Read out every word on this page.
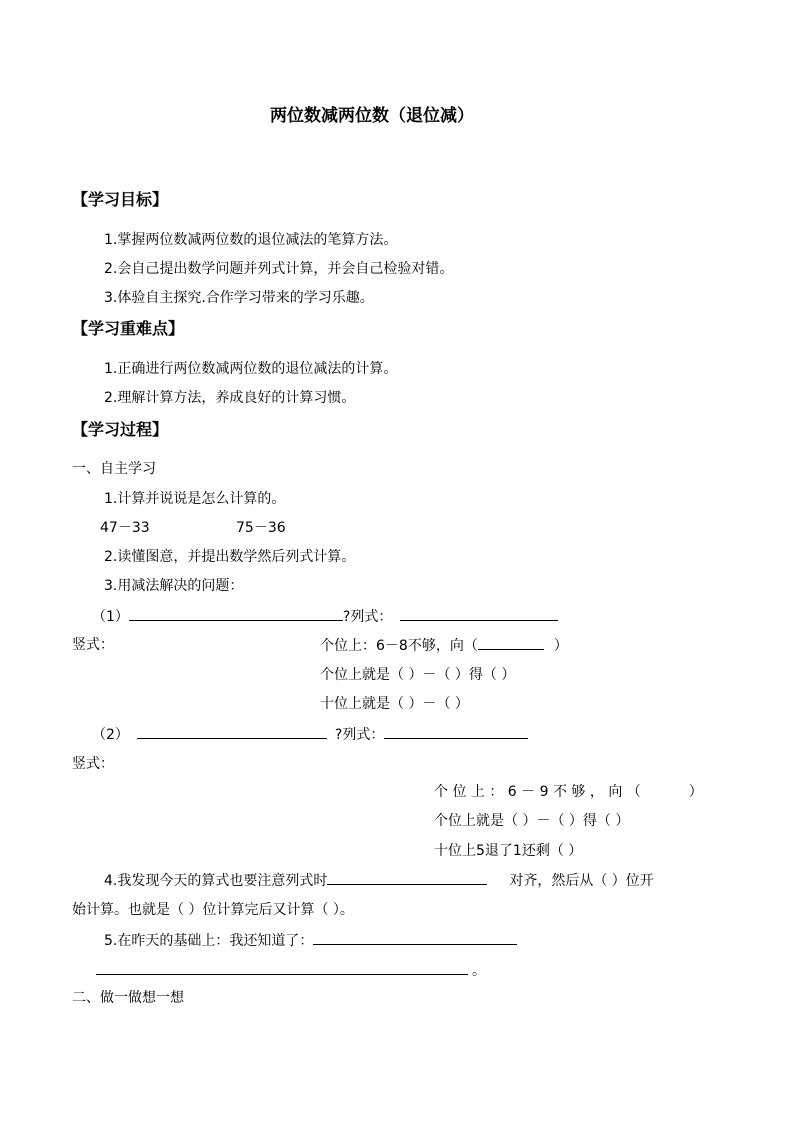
两位数减两位数（退位减）
【学习目标】
1.掌握两位数减两位数的退位减法的笔算方法。
2.会自己提出数学问题并列式计算，并会自己检验对错。
3.体验自主探究.合作学习带来的学习乐趣。
【学习重难点】
1.正确进行两位数减两位数的退位减法的计算。
2.理解计算方法，养成良好的计算习惯。
【学习过程】
一、自主学习
1.计算并说说是怎么计算的。
47－33	75－36
2.读懂图意，并提出数学然后列式计算。
3.用减法解决的问题：
（1）	?列式：
竖式：	个位上：6－8不够，向（	）
个位上就是（ ）－（ ）得（ ）
十位上就是（ ）－（ ）
（2）	?列式：
竖式：
个 位 上 ： 6 － 9 不 够 ， 向 （	）
个位上就是（ ）－（ ）得（ ）
十位上5退了1还剩（ ）
4.我发现今天的算式也要注意列式时	对齐，然后从（ ）位开
始计算。也就是（ ）位计算完后又计算（ ）。
5.在昨天的基础上：我还知道了：
。
二、做一做想一想
